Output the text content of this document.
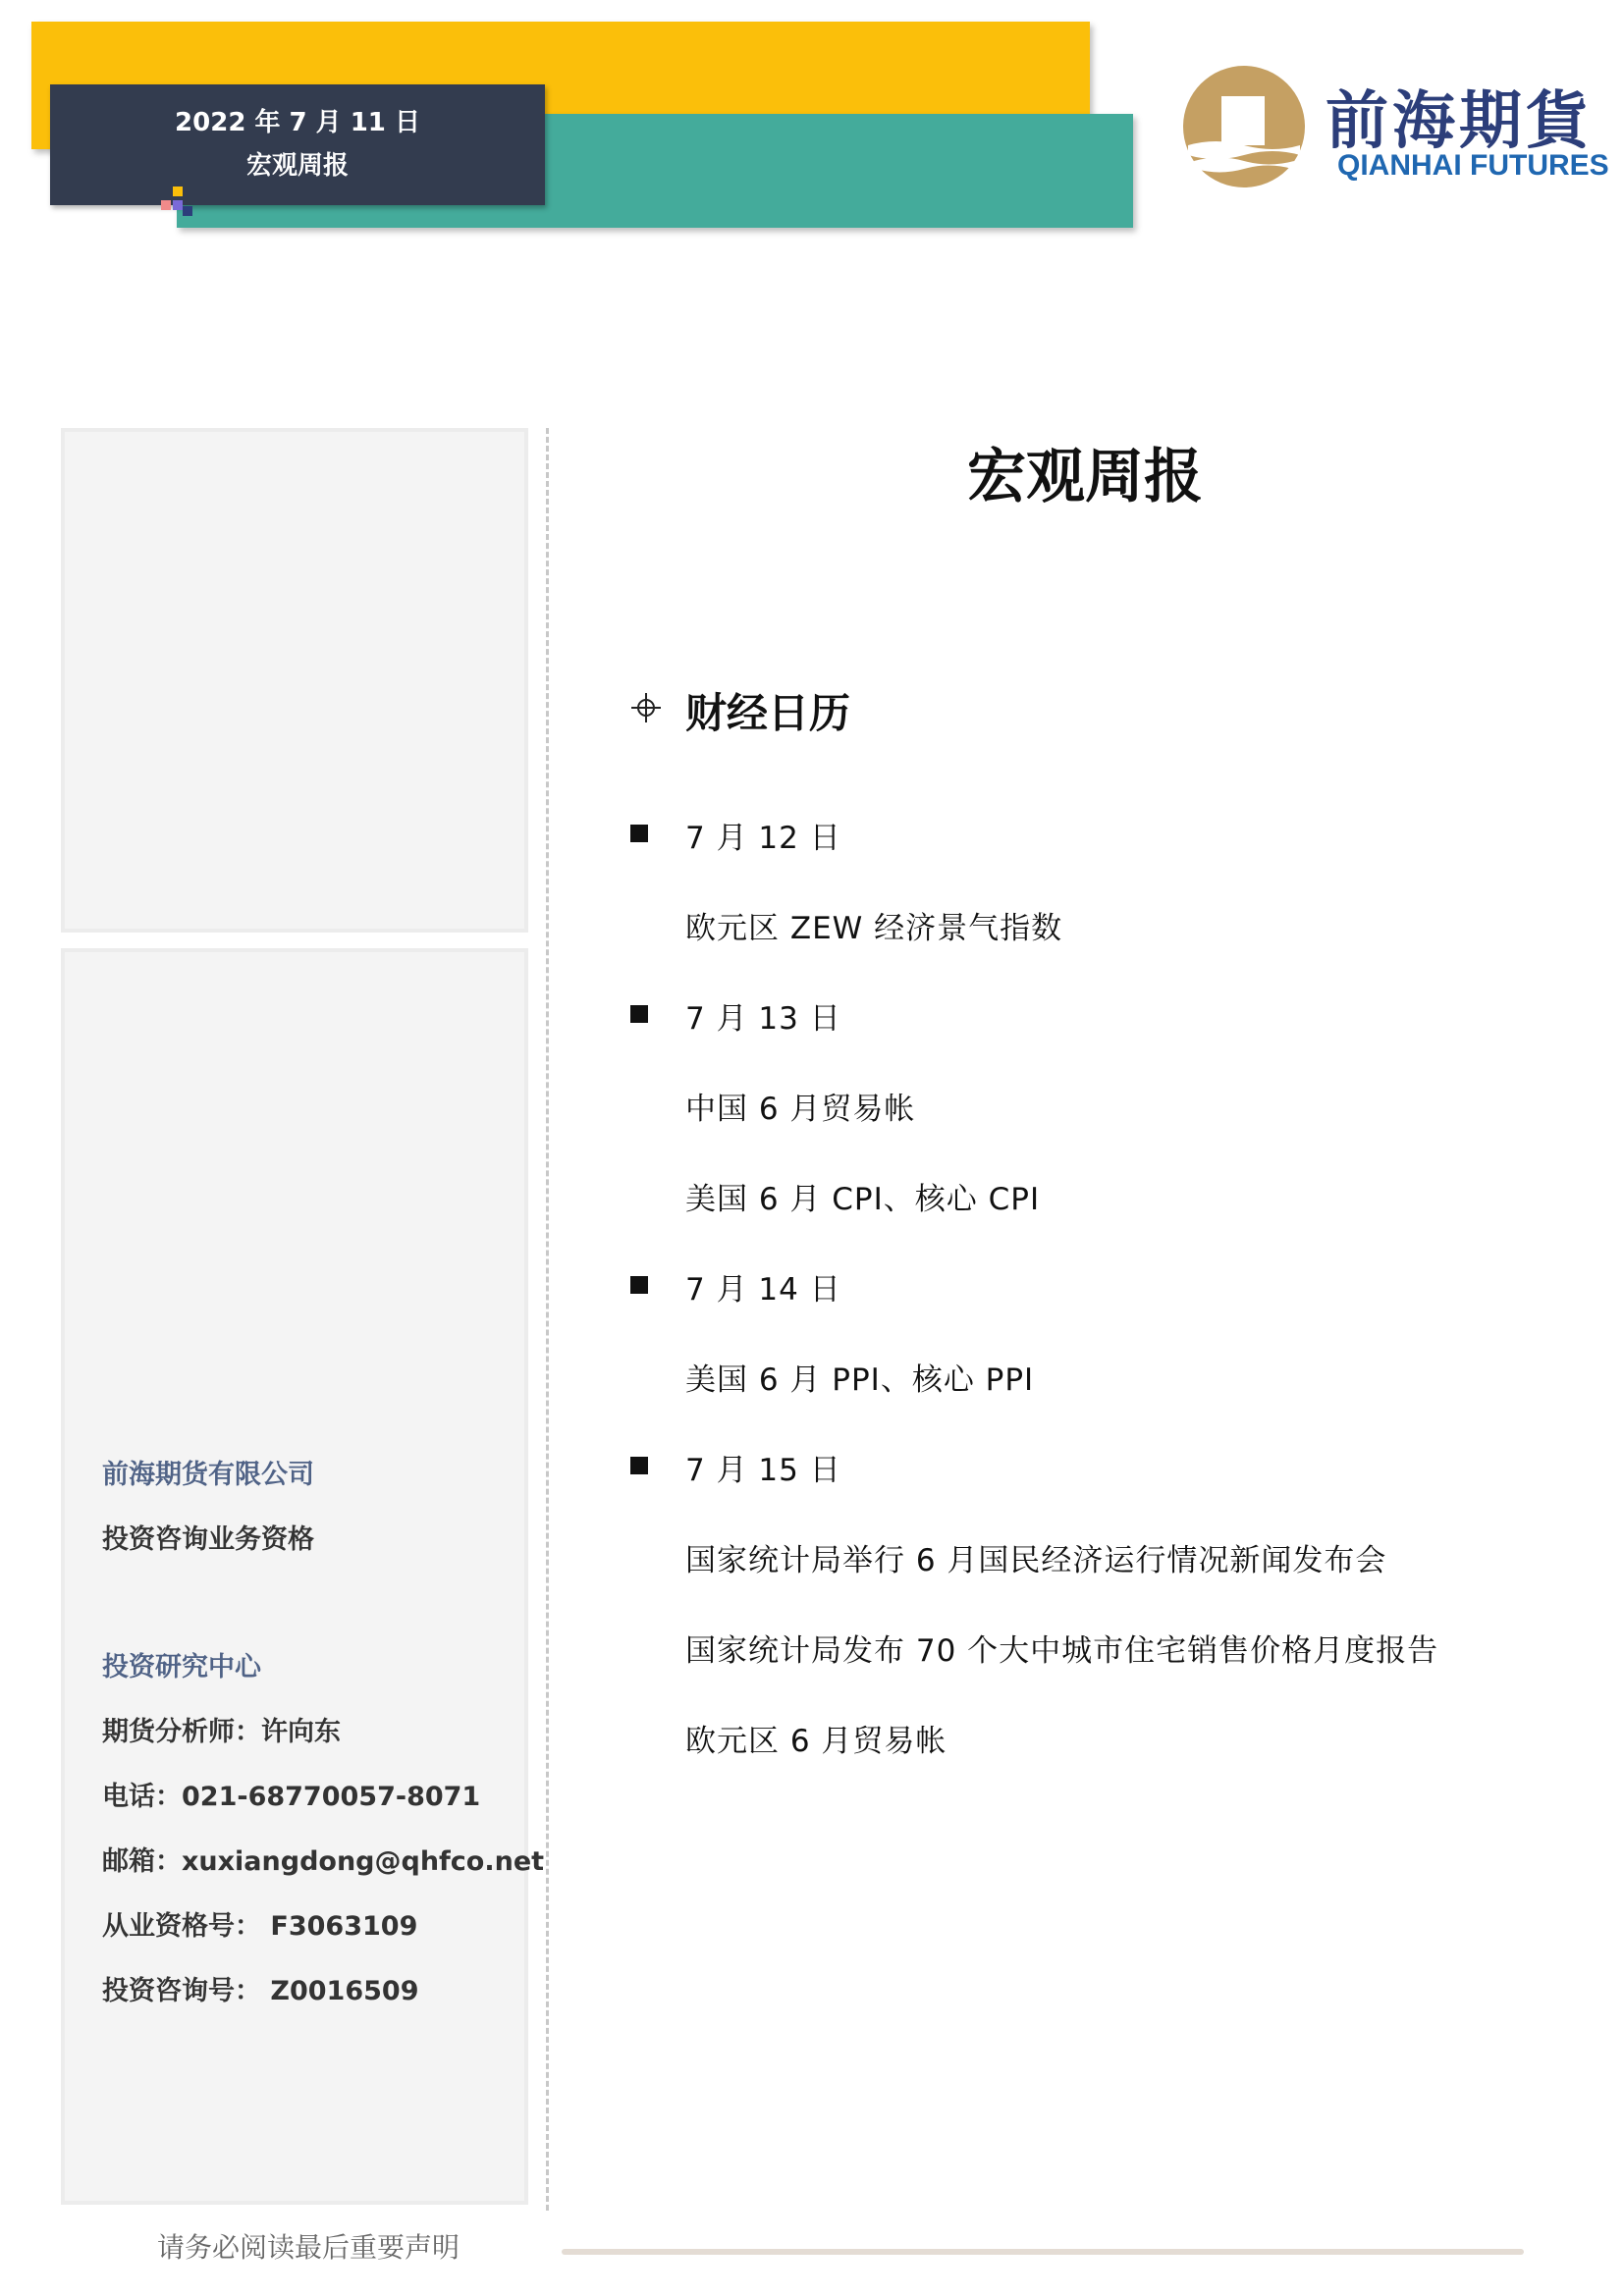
2022 年 7 月 11 日
宏观周报
前海期貨
QIANHAI FUTURES
前海期货有限公司
投资咨询业务资格
投资研究中心
期货分析师：许向东
电话：021-68770057-8071
邮箱：xuxiangdong@qhfco.net
从业资格号： F3063109
投资咨询号： Z0016509
宏观周报
财经日历
7 月 12 日
欧元区 ZEW 经济景气指数
7 月 13 日
中国 6 月贸易帐
美国 6 月 CPI、核心 CPI
7 月 14 日
美国 6 月 PPI、核心 PPI
7 月 15 日
国家统计局举行 6 月国民经济运行情况新闻发布会
国家统计局发布 70 个大中城市住宅销售价格月度报告
欧元区 6 月贸易帐
请务必阅读最后重要声明
